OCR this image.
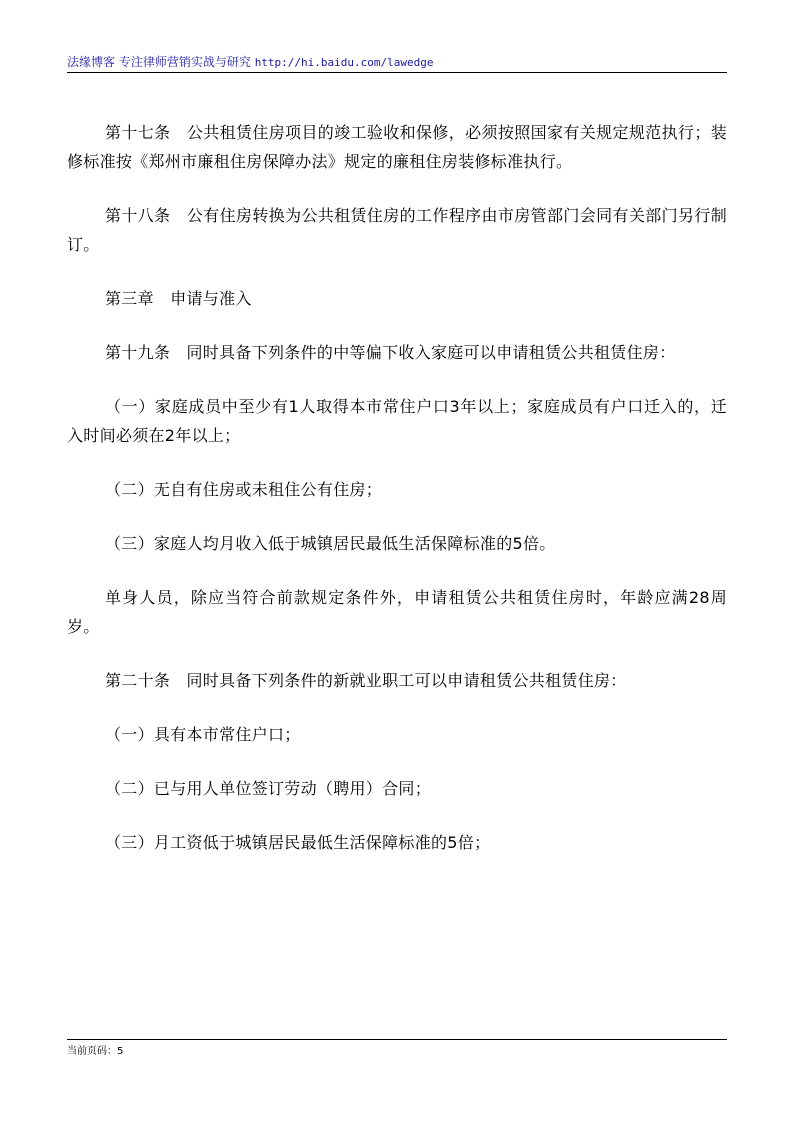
法缘博客 专注律师营销实战与研究 http://hi.baidu.com/lawedge

第十七条　公共租赁住房项目的竣工验收和保修，必须按照国家有关规定规范执行；装修标准按《郑州市廉租住房保障办法》规定的廉租住房装修标准执行。

第十八条　公有住房转换为公共租赁住房的工作程序由市房管部门会同有关部门另行制订。

第三章　申请与准入

第十九条　同时具备下列条件的中等偏下收入家庭可以申请租赁公共租赁住房：

（一）家庭成员中至少有1人取得本市常住户口3年以上；家庭成员有户口迁入的，迁入时间必须在2年以上；

（二）无自有住房或未租住公有住房；

（三）家庭人均月收入低于城镇居民最低生活保障标准的5倍。

单身人员，除应当符合前款规定条件外，申请租赁公共租赁住房时，年龄应满28周岁。

第二十条　同时具备下列条件的新就业职工可以申请租赁公共租赁住房：

（一）具有本市常住户口；

（二）已与用人单位签订劳动（聘用）合同；

（三）月工资低于城镇居民最低生活保障标准的5倍；

当前页码：5
